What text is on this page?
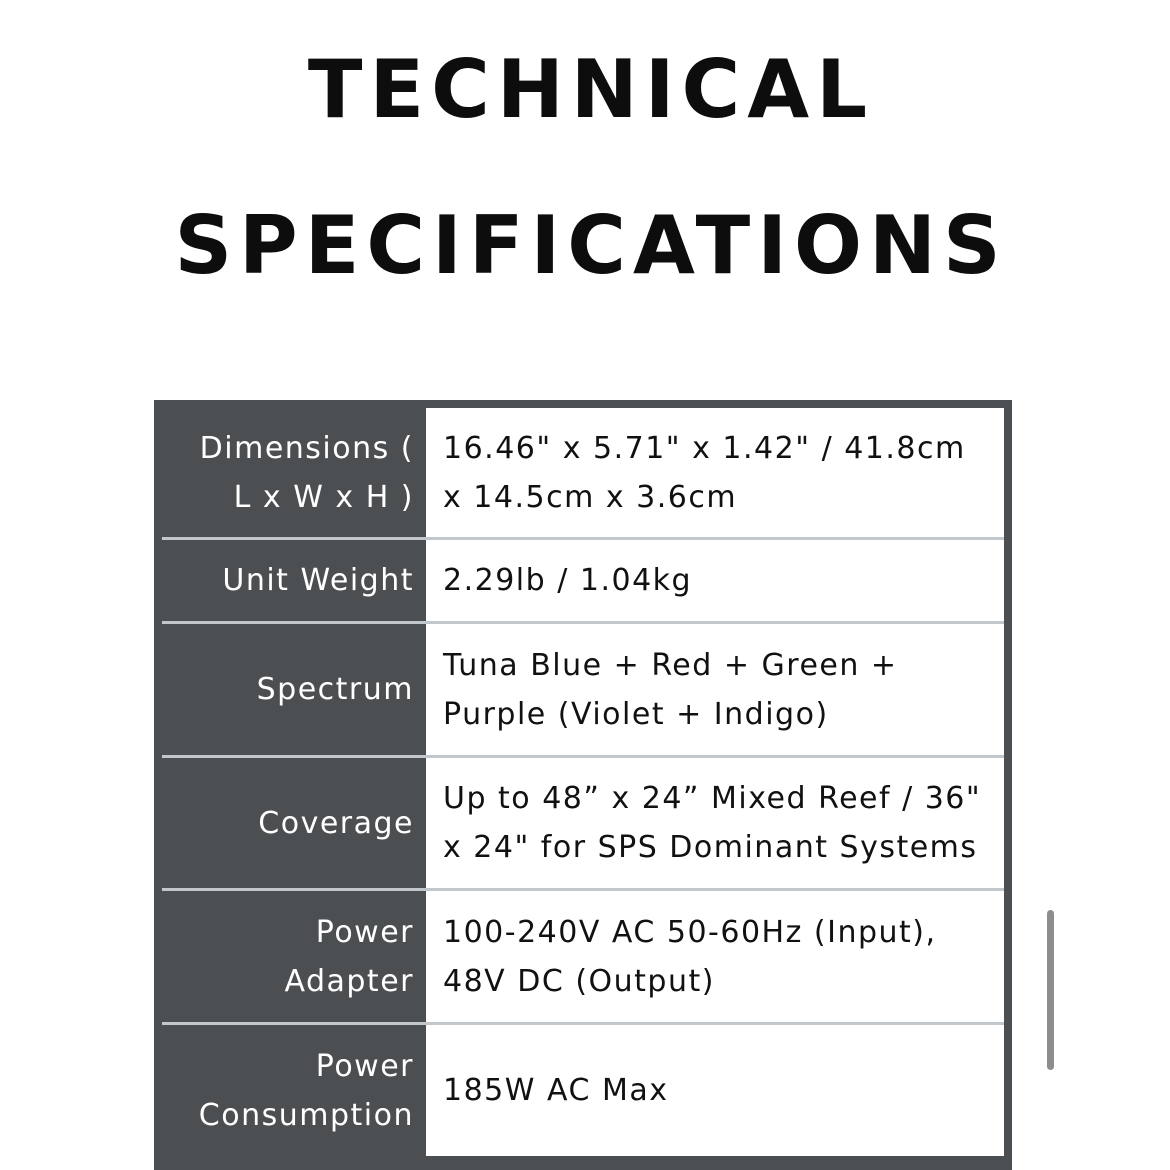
TECHNICAL
SPECIFICATIONS
Dimensions (
L x W x H )
16.46" x 5.71" x 1.42" / 41.8cm
x 14.5cm x 3.6cm
Unit Weight 2.29lb / 1.04kg
Spectrum
Tuna Blue + Red + Green +
Purple (Violet + Indigo)
Coverage
Up to 48” x 24” Mixed Reef / 36"
x 24" for SPS Dominant Systems
Power
Adapter
100-240V AC 50-60Hz (Input),
48V DC (Output)
Power
Consumption
185W AC Max
